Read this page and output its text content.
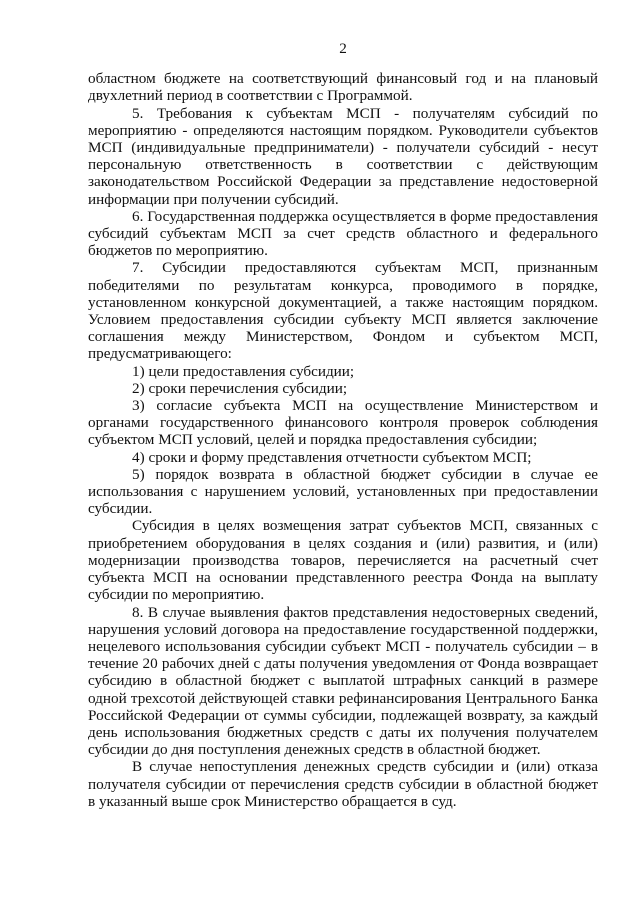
2

областном бюджете на соответствующий финансовый год и на плановый двухлетний период в соответствии с Программой.

5. Требования к субъектам МСП - получателям субсидий по мероприятию - определяются настоящим порядком. Руководители субъектов МСП (индивидуальные предприниматели) - получатели субсидий - несут персональную ответственность в соответствии с действующим законодательством Российской Федерации за представление недостоверной информации при получении субсидий.

6. Государственная поддержка осуществляется в форме предоставления субсидий субъектам МСП за счет средств областного и федерального бюджетов по мероприятию.

7. Субсидии предоставляются субъектам МСП, признанным победителями по результатам конкурса, проводимого в порядке, установленном конкурсной документацией, а также настоящим порядком. Условием предоставления субсидии субъекту МСП является заключение соглашения между Министерством, Фондом и субъектом МСП, предусматривающего:

1) цели предоставления субсидии;

2) сроки перечисления субсидии;

3) согласие субъекта МСП на осуществление Министерством и органами государственного финансового контроля проверок соблюдения субъектом МСП условий, целей и порядка предоставления субсидии;

4) сроки и форму представления отчетности субъектом МСП;

5) порядок возврата в областной бюджет субсидии в случае ее использования с нарушением условий, установленных при предоставлении субсидии.

Субсидия в целях возмещения затрат субъектов МСП, связанных с приобретением оборудования в целях создания и (или) развития, и (или) модернизации производства товаров, перечисляется на расчетный счет субъекта МСП на основании представленного реестра Фонда на выплату субсидии по мероприятию.

8. В случае выявления фактов представления недостоверных сведений, нарушения условий договора на предоставление государственной поддержки, нецелевого использования субсидии субъект МСП - получатель субсидии – в течение 20 рабочих дней с даты получения уведомления от Фонда возвращает субсидию в областной бюджет с выплатой штрафных санкций в размере одной трехсотой действующей ставки рефинансирования Центрального Банка Российской Федерации от суммы субсидии, подлежащей возврату, за каждый день использования бюджетных средств с даты их получения получателем субсидии до дня поступления денежных средств в областной бюджет.

В случае непоступления денежных средств субсидии и (или) отказа получателя субсидии от перечисления средств субсидии в областной бюджет в указанный выше срок Министерство обращается в суд.
